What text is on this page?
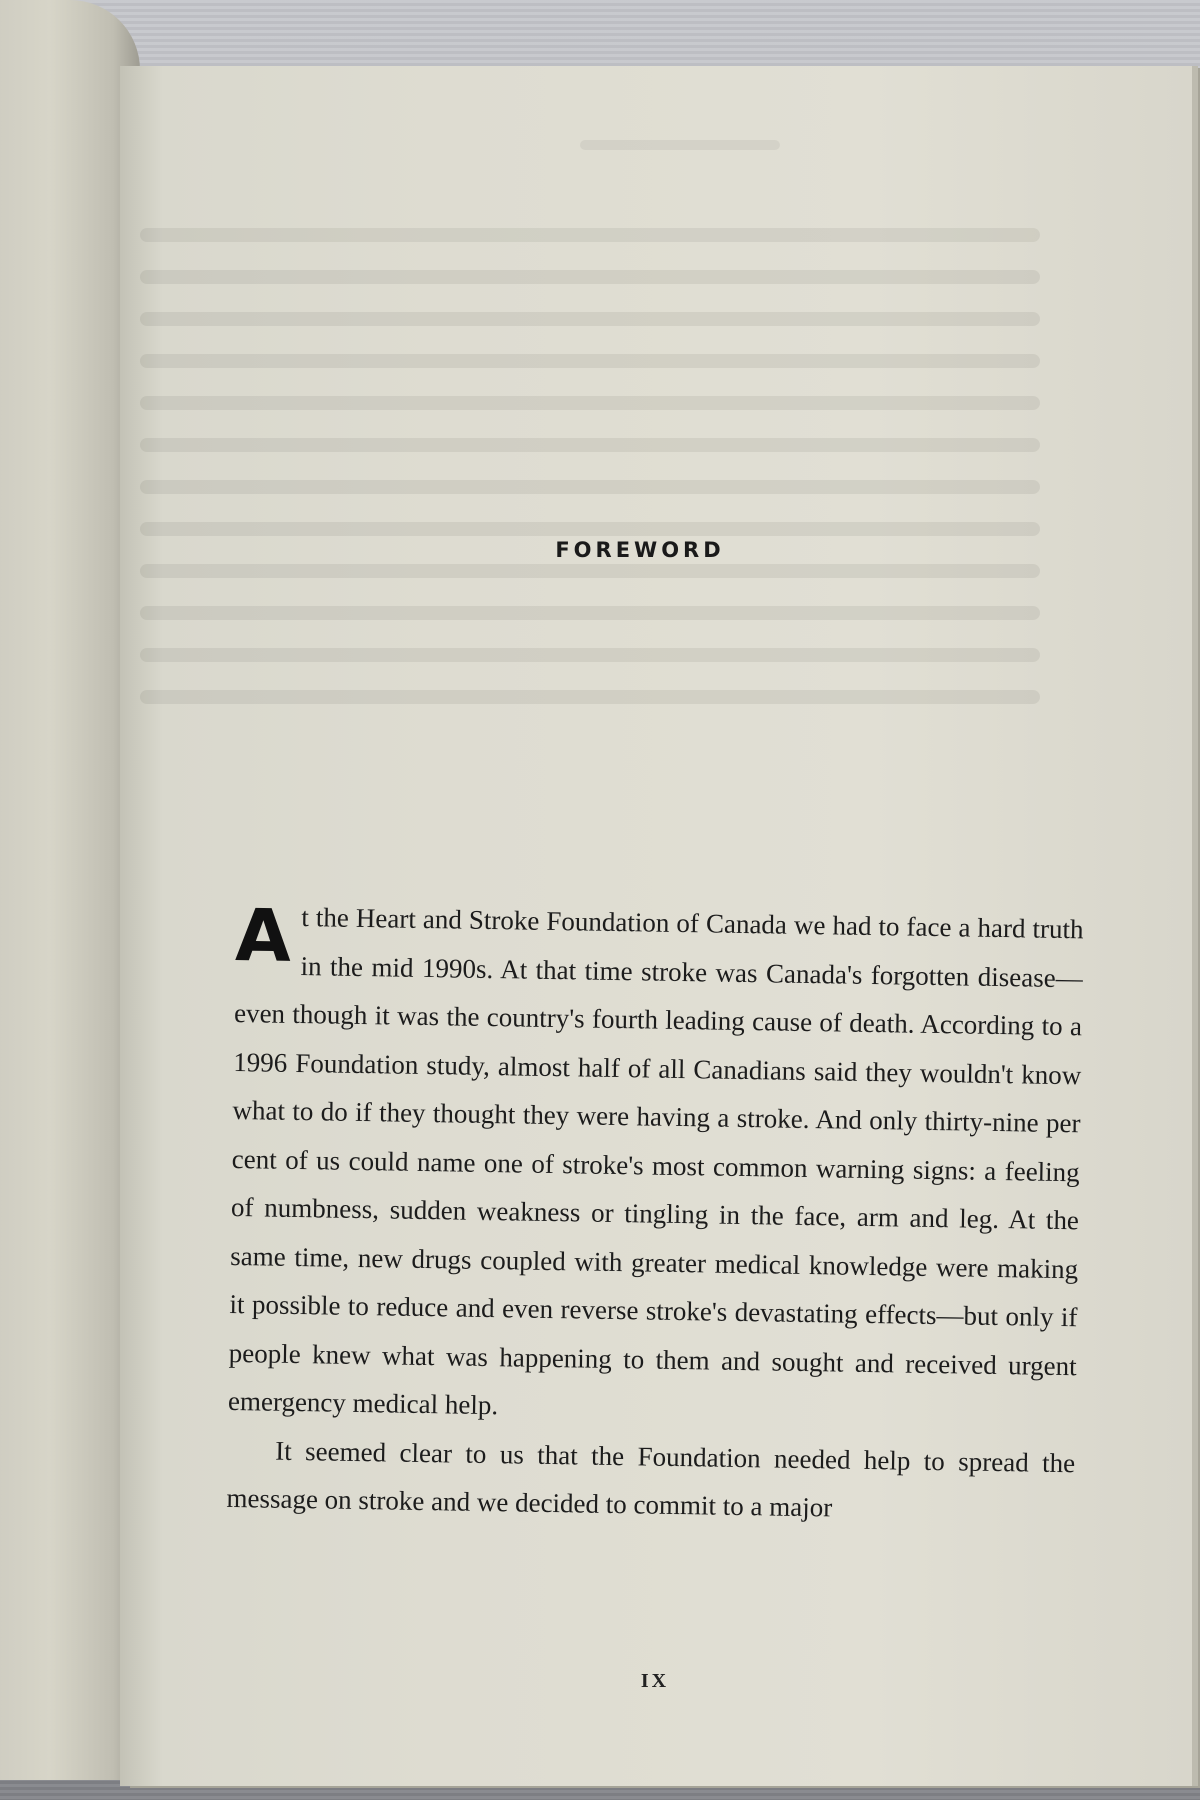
FOREWORD

At the Heart and Stroke Foundation of Canada we had to face a hard truth in the mid 1990s. At that time stroke was Canada's forgotten disease—even though it was the country's fourth leading cause of death. According to a 1996 Foundation study, almost half of all Canadians said they wouldn't know what to do if they thought they were having a stroke. And only thirty-nine per cent of us could name one of stroke's most common warning signs: a feeling of numbness, sudden weakness or tingling in the face, arm and leg. At the same time, new drugs coupled with greater medical knowledge were making it possible to reduce and even reverse stroke's devastating effects—but only if people knew what was happening to them and sought and received urgent emergency medical help.

It seemed clear to us that the Foundation needed help to spread the message on stroke and we decided to commit to a major

IX
